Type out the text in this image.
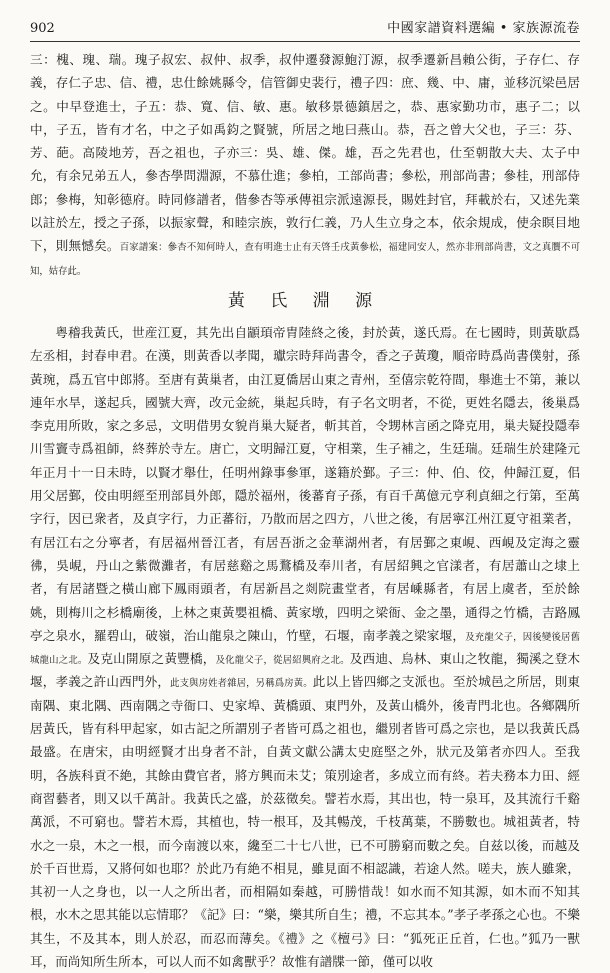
902	中國家譜資料選編 • 家族源流卷

三：槐、瑰、瑞。瑰子叔宏、叔仲、叔季，叔仲遷發源鮑汀源，叔季遷新昌賴公街，子存仁、存義，存仁子忠、信、禮，忠仕餘姚縣令，信管御史裴行，禮子四：庶、幾、中、庸，並移沉梁邑居之。中早登進士，子五：恭、寬、信、敏、惠。敏移景德鎮居之，恭、惠家勤功市，惠子二；以中，子五，皆有才名，中之子如禹鈞之賢號，所居之地曰燕山。恭，吾之曾大父也，子三：芬、芳、葩。高陵地芳，吾之祖也，子亦三：吳、雄、傑。雄，吾之先君也，仕至朝散大夫、太子中允，有余兄弟五人，參杏學問淵源，不慕仕進；參柏，工部尚書；參松，刑部尚書；參桂，刑部侍郎；參梅，知彰德府。時同修譜者，偕參杏等承傳祖宗派遠源長，賜姓封官，拜載於右，又述先業以註於左，授之子孫，以振家聲，和睦宗族，敦行仁義，乃人生立身之本，依余規成，使余瞑目地下，則無憾矣。百家譜案：參杏不知何時人，查有明進士止有天啓壬戌黃參松，福建同安人，然亦非刑部尚書，文之真贋不可知，姑存此。

黃 氏 淵 源

粤稽我黃氏，世産江夏，其先出自顓頊帝胄陸終之後，封於黃，遂氏焉。在七國時，則黃歇爲左丞相，封春申君。在漢，則黃香以孝聞，瓛宗時拜尚書令，香之子黃瓊，順帝時爲尚書僕射，孫黃琬，爲五官中郎將。至唐有黃巢者，由江夏僑居山東之青州，至僖宗乾符間，舉進士不第，兼以連年水旱，遂起兵，國號大齊，改元金統，巢起兵時，有子名文明者，不從，更姓名隱去，後巢爲李克用所敗，家之多忌，文明借男女貌肖巢大疑者，斬其首，令甥林言函之降克用，巢夫疑投隱奉川雪竇寺爲祖師，終葬於寺左。唐亡，文明歸江夏，守相業，生子補之，生廷瑞。廷瑞生於建隆元年正月十一日未時，以賢才舉仕，任明州錄事參軍，遂籍於鄞。子三：仲、伯、佼，仲歸江夏，佀用父居鄞，佼由明經至刑部員外郎，隱於福州，後蕃育子孫，有百千萬億元亨利貞細之行第，至萬字行，因已衆者，及貞字行，力正蕃衍，乃散而居之四方，八世之後，有居寧江州江夏守祖業者，有居江右之分寧者，有居福州晉江者，有居吾浙之金華湖州者，有居鄞之東峴、西峴及定海之靈彿，吳峴，丹山之紫微灘者，有居慈谿之馬鶩橋及奉川者，有居紹興之官漾者，有居蕭山之埭上者，有居諸暨之橫山廊下鳳雨頭者，有居新昌之剡院畫堂者，有居嵊縣者，有居上虞者，至於餘姚，則梅川之杉橋廟後，上林之東黃嬰祖橋、黃家墩，四明之梁衙、金之墨，通得之竹橋，吉路鳳亭之泉水，羅碧山，破嶺，治山龍泉之陳山，竹壁，石堰，南孝義之梁家堰，及充龍父子，因後變後居舊城龍山之北。及克山開原之黃豐橋，及化龍父子，從居紹興府之北。及西迪、烏林、東山之牧龍，獨溪之登木堰，孝義之許山西門外，此支與房姓者雜居，另稱爲房黃。此以上皆四鄉之支派也。至於城邑之所居，則東南隅、東北隅、西南隅之寺衙口、史家埠、黃橋頭、東門外，及黃山橋外，後青門北也。各鄉隅所居黃氏，皆有科甲起家，如古記之所謂別子者皆可爲之祖也，繼別者皆可爲之宗也，是以我黃氏爲最盛。在唐宋，由明經賢才出身者不計，自黃文獻公講太史庭堅之外，狀元及第者亦四人。至我明，各族科貢不絶，其餘由費官者，將方興而未艾；策別途者，多成立而有終。若夫務本力田、經商習藝者，則又以千萬計。我黃氏之盛，於茲徵矣。譬若水焉，其出也，特一泉耳，及其流行千谿萬派，不可窮也。譬若木焉，其植也，特一根耳，及其暢茂，千枝萬葉，不勝數也。城祖黃者，特水之一泉，木之一根，而今南渡以來，纔至二十七八世，已不可勝窮而數之矣。自兹以後，而越及於千百世焉，又將何如也耶？於此乃有絶不相見，雖見面不相認識，若途人然。嗟夫，族人雖衆，其初一人之身也，以一人之所出者，而相隔如秦越，可勝惜哉！如水而不知其源，如木而不知其根，水木之思其能以忘情耶？《記》曰：“樂，樂其所自生；禮，不忘其本。”孝子孝孫之心也。不樂其生，不及其本，則人於忍，而忍而薄矣。《禮》之《檀弓》曰：“狐死正丘首，仁也。”狐乃一獸耳，而尚知所生所本，可以人而不如禽獸乎？故惟有譜牒一節，僅可以收
